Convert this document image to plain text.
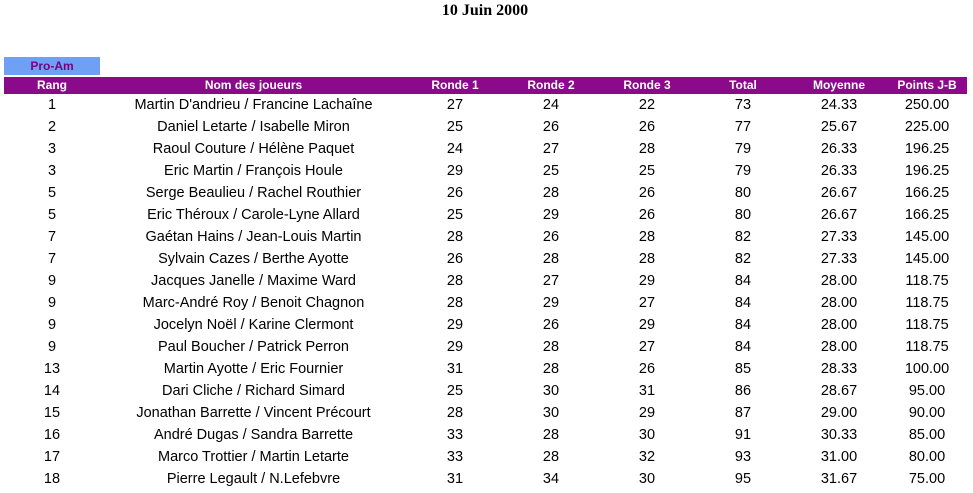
10 Juin 2000
Pro-Am
Rang	Nom des joueurs	Ronde 1	Ronde 2	Ronde 3	Total	Moyenne	Points J-B
1	Martin D'andrieu / Francine Lachaîne	27	24	22	73	24.33	250.00
2	Daniel Letarte / Isabelle Miron	25	26	26	77	25.67	225.00
3	Raoul Couture / Hélène Paquet	24	27	28	79	26.33	196.25
3	Eric Martin / François Houle	29	25	25	79	26.33	196.25
5	Serge Beaulieu / Rachel Routhier	26	28	26	80	26.67	166.25
5	Eric Théroux / Carole-Lyne Allard	25	29	26	80	26.67	166.25
7	Gaétan Hains / Jean-Louis Martin	28	26	28	82	27.33	145.00
7	Sylvain Cazes / Berthe Ayotte	26	28	28	82	27.33	145.00
9	Jacques Janelle / Maxime Ward	28	27	29	84	28.00	118.75
9	Marc-André Roy / Benoit Chagnon	28	29	27	84	28.00	118.75
9	Jocelyn Noël / Karine Clermont	29	26	29	84	28.00	118.75
9	Paul Boucher / Patrick Perron	29	28	27	84	28.00	118.75
13	Martin Ayotte / Eric Fournier	31	28	26	85	28.33	100.00
14	Dari Cliche / Richard Simard	25	30	31	86	28.67	95.00
15	Jonathan Barrette / Vincent Précourt	28	30	29	87	29.00	90.00
16	André Dugas / Sandra Barrette	33	28	30	91	30.33	85.00
17	Marco Trottier / Martin Letarte	33	28	32	93	31.00	80.00
18	Pierre Legault / N.Lefebvre	31	34	30	95	31.67	75.00
